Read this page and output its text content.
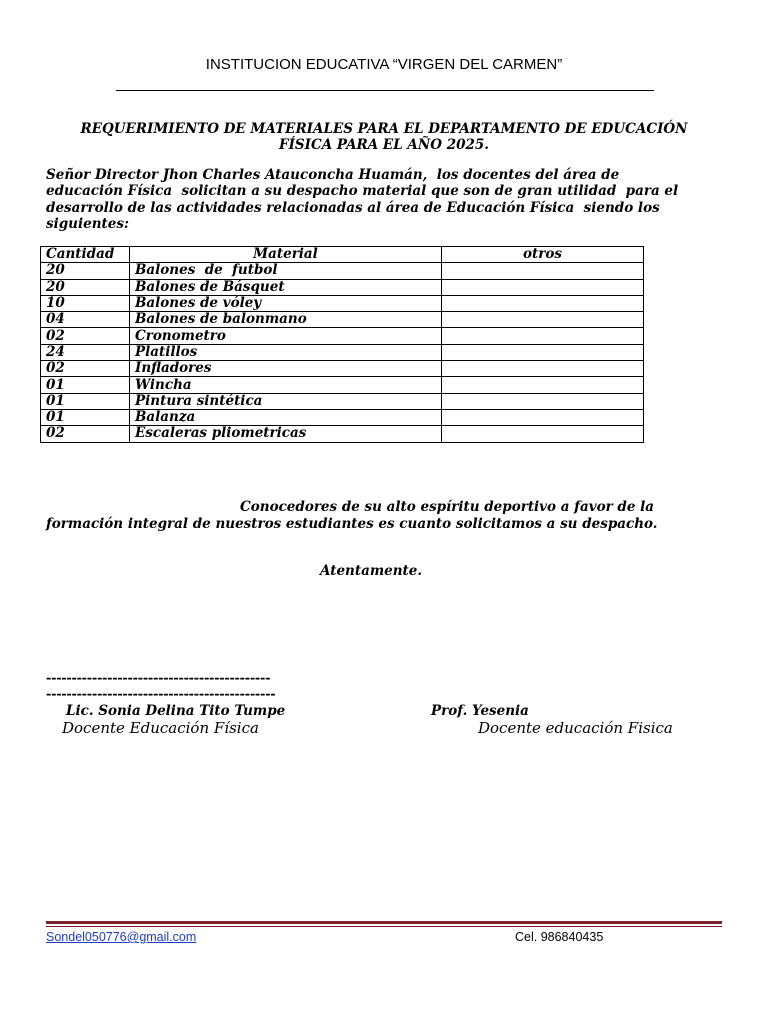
INSTITUCION EDUCATIVA “VIRGEN DEL CARMEN”
REQUERIMIENTO DE MATERIALES PARA EL DEPARTAMENTO DE EDUCACIÓN
FÍSICA PARA EL AÑO 2025.
Señor Director Jhon Charles Atauconcha Huamán,  los docentes del área de
educación Física  solicitan a su despacho material que son de gran utilidad  para el
desarrollo de las actividades relacionadas al área de Educación Física  siendo los
siguientes:
Cantidad	Material	otros
20	Balones  de  futbol	
20	Balones de Básquet	
10	Balones de vóley	
04	Balones de balonmano	
02	Cronometro	
24	Platillos	
02	Infladores	
01	Wincha	
01	Pintura sintética	
01	Balanza	
02	Escaleras pliometricas	
Conocedores de su alto espíritu deportivo a favor de la
formación integral de nuestros estudiantes es cuanto solicitamos a su despacho.
Atentamente.
--------------------------------------------
---------------------------------------------
Lic. Sonia Delina Tito Tumpe
Docente Educación Física
Prof. Yesenia
Docente educación Fisica
Sondel050776@gmail.com	Cel. 986840435
